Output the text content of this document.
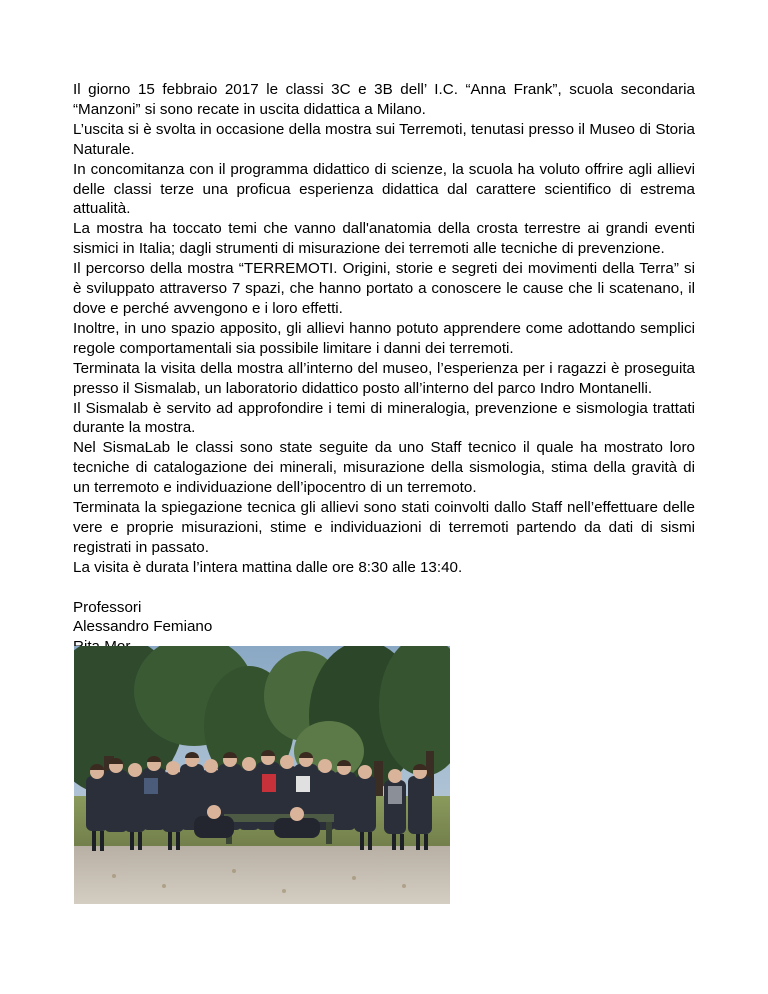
Il giorno 15 febbraio 2017 le classi 3C e 3B dell’ I.C. “Anna Frank”, scuola secondaria “Manzoni” si sono recate in uscita didattica a Milano.

L’uscita si è svolta in occasione della mostra sui Terremoti, tenutasi presso il Museo di Storia Naturale.

In concomitanza con il programma didattico di scienze, la scuola ha voluto offrire agli allievi delle classi terze una proficua esperienza didattica dal carattere scientifico di estrema attualità.

La mostra ha toccato temi che vanno dall'anatomia della crosta terrestre ai grandi eventi sismici in Italia; dagli strumenti di misurazione dei terremoti alle tecniche di prevenzione.

Il percorso della mostra “TERREMOTI. Origini, storie e segreti dei movimenti della Terra” si è sviluppato attraverso 7 spazi, che hanno portato a conoscere le cause che li scatenano, il dove e perché avvengono e i loro effetti.

Inoltre, in uno spazio apposito, gli allievi hanno potuto apprendere come adottando semplici regole comportamentali sia possibile limitare i danni dei terremoti.

Terminata la visita della mostra all’interno del museo, l’esperienza per i ragazzi è proseguita presso il Sismalab, un laboratorio didattico posto all’interno del parco Indro Montanelli.

Il Sismalab è servito ad approfondire i temi di mineralogia, prevenzione e sismologia trattati durante la mostra.

Nel SismaLab le classi sono state seguite da uno Staff tecnico il quale ha mostrato loro tecniche di catalogazione dei minerali, misurazione della sismologia, stima della gravità di un terremoto e individuazione dell’ipocentro di un terremoto.

Terminata la spiegazione tecnica gli allievi sono stati coinvolti dallo Staff nell’effettuare delle vere e proprie misurazioni, stime e individuazioni di terremoti partendo da dati di sismi registrati in passato.

La visita è durata l’intera mattina dalle ore 8:30 alle 13:40.

Professori

Alessandro Femiano
